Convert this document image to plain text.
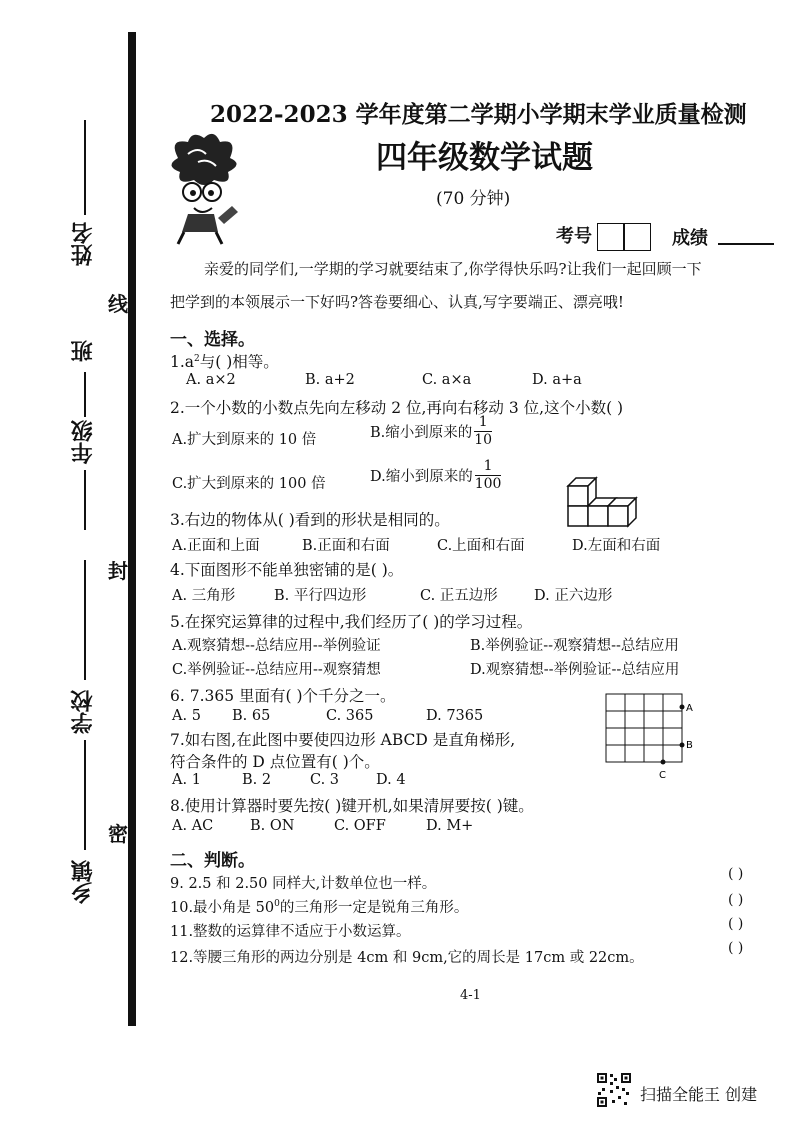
姓名
年级
班
学校
乡镇
线
封
密
2022-2023 学年度第二学期小学期末学业质量检测
四年级数学试题
(70 分钟)
考号	成绩
亲爱的同学们,一学期的学习就要结束了,你学得快乐吗?让我们一起回顾一下
把学到的本领展示一下好吗?答卷要细心、认真,写字要端正、漂亮哦!
一、选择。
$1.a^2$与( )相等。
A. a×2	B. a+2	C. a×a	D. a+a
2.一个小数的小数点先向左移动 2 位,再向右移动 3 位,这个小数( )
A.扩大到原来的 10 倍	B.缩小到原来的 $\frac{1}{10}$
C.扩大到原来的 100 倍	D.缩小到原来的 $\frac{1}{100}$
3.右边的物体从( )看到的形状是相同的。
A.正面和上面	B.正面和右面	C.上面和右面	D.左面和右面
4.下面图形不能单独密铺的是( )。
A. 三角形	B. 平行四边形	C. 正五边形 D. 正六边形
5.在探究运算律的过程中,我们经历了( )的学习过程。
A.观察猜想--总结应用--举例验证	B.举例验证--观察猜想--总结应用
C.举例验证--总结应用--观察猜想	D.观察猜想--举例验证--总结应用
6. 7.365 里面有( )个千分之一。
A. 5 B. 65	C. 365	D. 7365	A
B
C
7.如右图,在此图中要使四边形 ABCD 是直角梯形,
符合条件的 D 点位置有( )个。
A. 1	B. 2	C. 3	D. 4
8.使用计算器时要先按( )键开机,如果清屏要按( )键。
A. AC	B. ON	C. OFF	D. M+
二、判断。
9. 2.5 和 2.50 同样大,计数单位也一样。
( )
10.最小角是 $50^0$的三角形一定是锐角三角形。	( )
11.整数的运算律不适应于小数运算。	( )
12.等腰三角形的两边分别是 4cm 和 9cm,它的周长是 17cm 或 22cm。
( )
4-1
扫描全能王 创建
